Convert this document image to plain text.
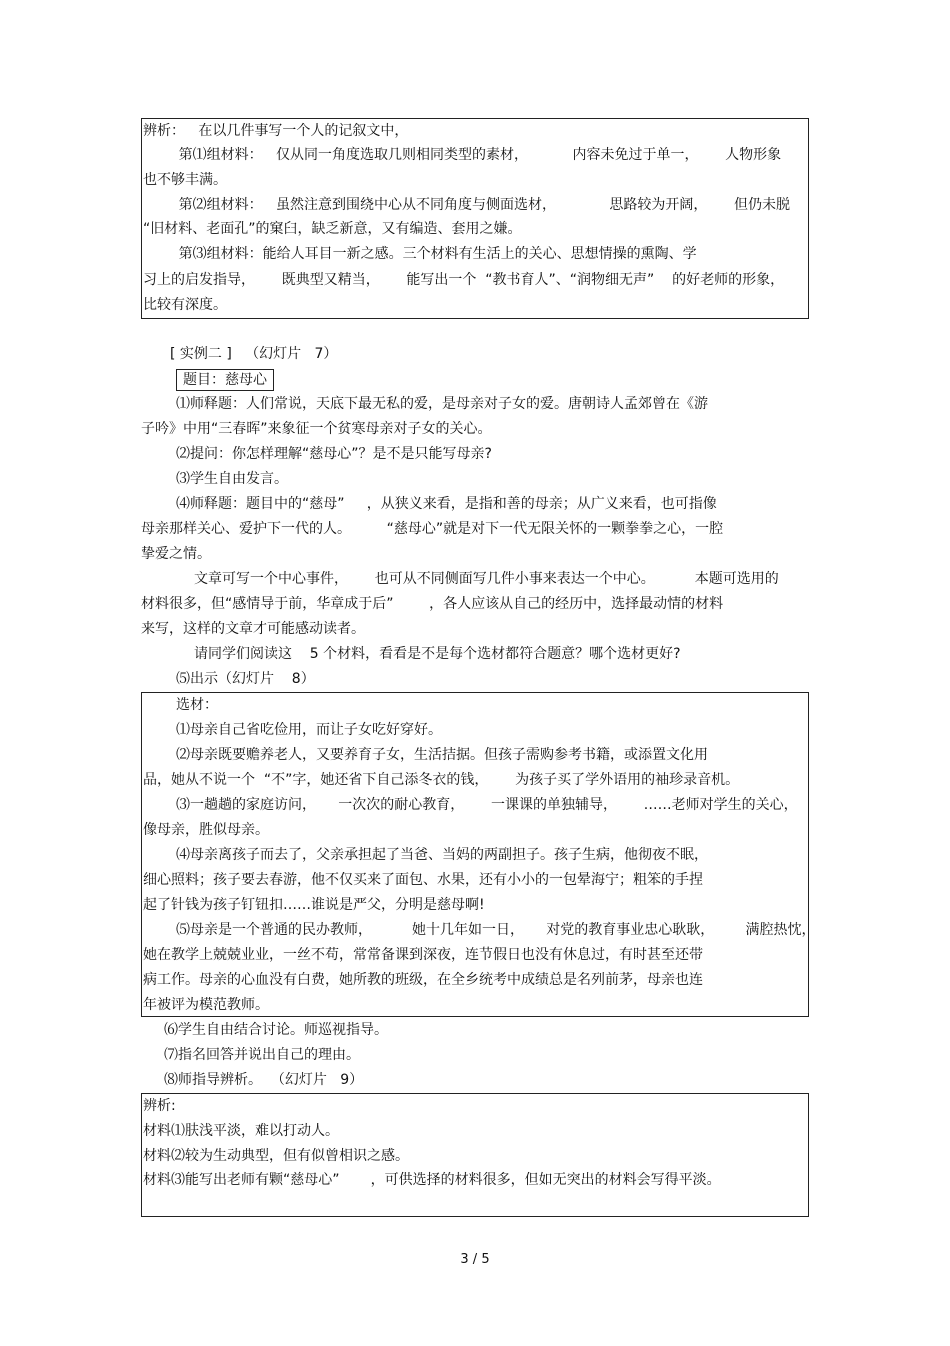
辨析：   在以几件事写一个人的记叙文中，
第⑴组材料：   仅从同一角度选取几则相同类型的素材，          内容未免过于单一，      人物形象
也不够丰满。
第⑵组材料：   虽然注意到围绕中心从不同角度与侧面选材，            思路较为开阔，      但仍未脱
“旧材料、老面孔”的窠臼，缺乏新意，又有编造、套用之嫌。
第⑶组材料：能给人耳目一新之感。三个材料有生活上的关心、思想情操的熏陶、学
习上的启发指导，      既典型又精当，      能写出一个  “教书育人”、“润物细无声”    的好老师的形象，
比较有深度。
[ 实例二 ]   （幻灯片   7）
题目：慈母心
⑴师释题：人们常说，天底下最无私的爱，是母亲对子女的爱。唐朝诗人孟郊曾在《游
子吟》中用“三春晖”来象征一个贫寒母亲对子女的关心。
⑵提问：你怎样理解“慈母心”？是不是只能写母亲?
⑶学生自由发言。
⑷师释题：题目中的“慈母”     ，从狭义来看，是指和善的母亲；从广义来看，也可指像
母亲那样关心、爱护下一代的人。        “慈母心”就是对下一代无限关怀的一颗拳拳之心，一腔
挚爱之情。
文章可写一个中心事件，      也可从不同侧面写几件小事来表达一个中心。         本题可选用的
材料很多，但“感情导于前，华章成于后”        ，各人应该从自己的经历中，选择最动情的材料
来写，这样的文章才可能感动读者。
请同学们阅读这    5 个材料，看看是不是每个选材都符合题意？哪个选材更好?
⑸出示（幻灯片    8）
选材：
⑴母亲自己省吃俭用，而让子女吃好穿好。
⑵母亲既要赡养老人，又要养育子女，生活拮据。但孩子需购参考书籍，或添置文化用
品，她从不说一个  “不”字，她还省下自己添冬衣的钱，      为孩子买了学外语用的袖珍录音机。
⑶一趟趟的家庭访问，     一次次的耐心教育，      一课课的单独辅导，      ……老师对学生的关心，
像母亲，胜似母亲。
⑷母亲离孩子而去了，父亲承担起了当爸、当妈的两副担子。孩子生病，他彻夜不眠，
细心照料；孩子要去春游，他不仅买来了面包、水果，还有小小的一包晕海宁；粗笨的手捏
起了针钱为孩子钉钮扣……谁说是严父，分明是慈母啊!
⑸母亲是一个普通的民办教师，         她十几年如一日，     对党的教育事业忠心耿耿，       满腔热忱，
她在教学上兢兢业业，一丝不苟，常常备课到深夜，连节假日也没有休息过，有时甚至还带
病工作。母亲的心血没有白费，她所教的班级，在全乡统考中成绩总是名列前茅，母亲也连
年被评为模范教师。
⑹学生自由结合讨论。师巡视指导。
⑺指名回答并说出自己的理由。
⑻师指导辨析。  （幻灯片   9）
辨析:
材料⑴肤浅平淡，难以打动人。
材料⑵较为生动典型，但有似曾相识之感。
材料⑶能写出老师有颗“慈母心”       ，可供选择的材料很多，但如无突出的材料会写得平淡。
3 / 5
